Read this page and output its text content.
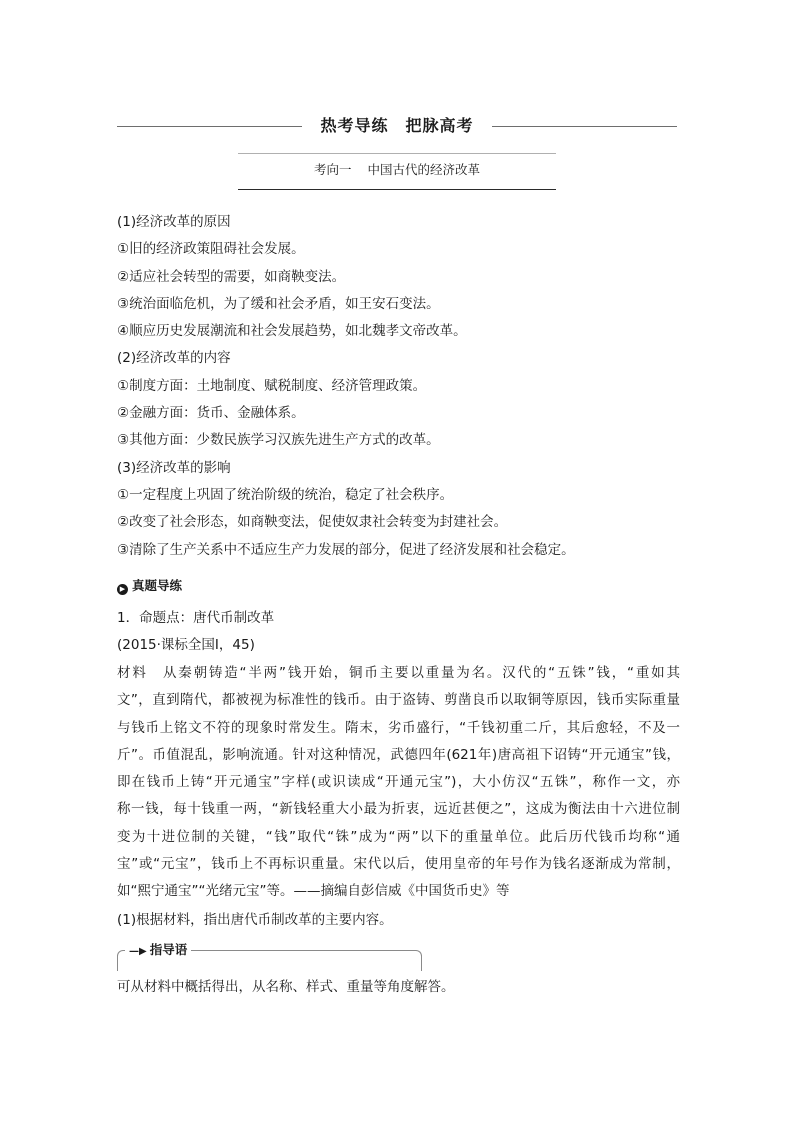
热考导练　把脉高考
考向一 中国古代的经济改革
(1)经济改革的原因
①旧的经济政策阻碍社会发展。
②适应社会转型的需要，如商鞅变法。
③统治面临危机，为了缓和社会矛盾，如王安石变法。
④顺应历史发展潮流和社会发展趋势，如北魏孝文帝改革。
(2)经济改革的内容
①制度方面：土地制度、赋税制度、经济管理政策。
②金融方面：货币、金融体系。
③其他方面：少数民族学习汉族先进生产方式的改革。
(3)经济改革的影响
①一定程度上巩固了统治阶级的统治，稳定了社会秩序。
②改变了社会形态，如商鞅变法，促使奴隶社会转变为封建社会。
③清除了生产关系中不适应生产力发展的部分，促进了经济发展和社会稳定。
▶ 真题导练
1．命题点：唐代币制改革
(2015·课标全国Ⅰ，45)
材料　从秦朝铸造“半两”钱开始，铜币主要以重量为名。汉代的“五铢”钱，“重如其
文”，直到隋代，都被视为标准性的钱币。由于盗铸、剪凿良币以取铜等原因，钱币实际重量
与钱币上铭文不符的现象时常发生。隋末，劣币盛行，“千钱初重二斤，其后愈轻，不及一
斤”。币值混乱，影响流通。针对这种情况，武德四年(621年)唐高祖下诏铸“开元通宝”钱，
即在钱币上铸“开元通宝”字样(或识读成“开通元宝”)，大小仿汉“五铢”，称作一文，亦
称一钱，每十钱重一两，“新钱轻重大小最为折衷，远近甚便之”，这成为衡法由十六进位制
变为十进位制的关键，“钱”取代“铢”成为“两”以下的重量单位。此后历代钱币均称“通
宝”或“元宝”，钱币上不再标识重量。宋代以后，使用皇帝的年号作为钱名逐渐成为常制，
如“熙宁通宝”“光绪元宝”等。——摘编自彭信威《中国货币史》等
(1)根据材料，指出唐代币制改革的主要内容。
—▶ 指导语
可从材料中概括得出，从名称、样式、重量等角度解答。
